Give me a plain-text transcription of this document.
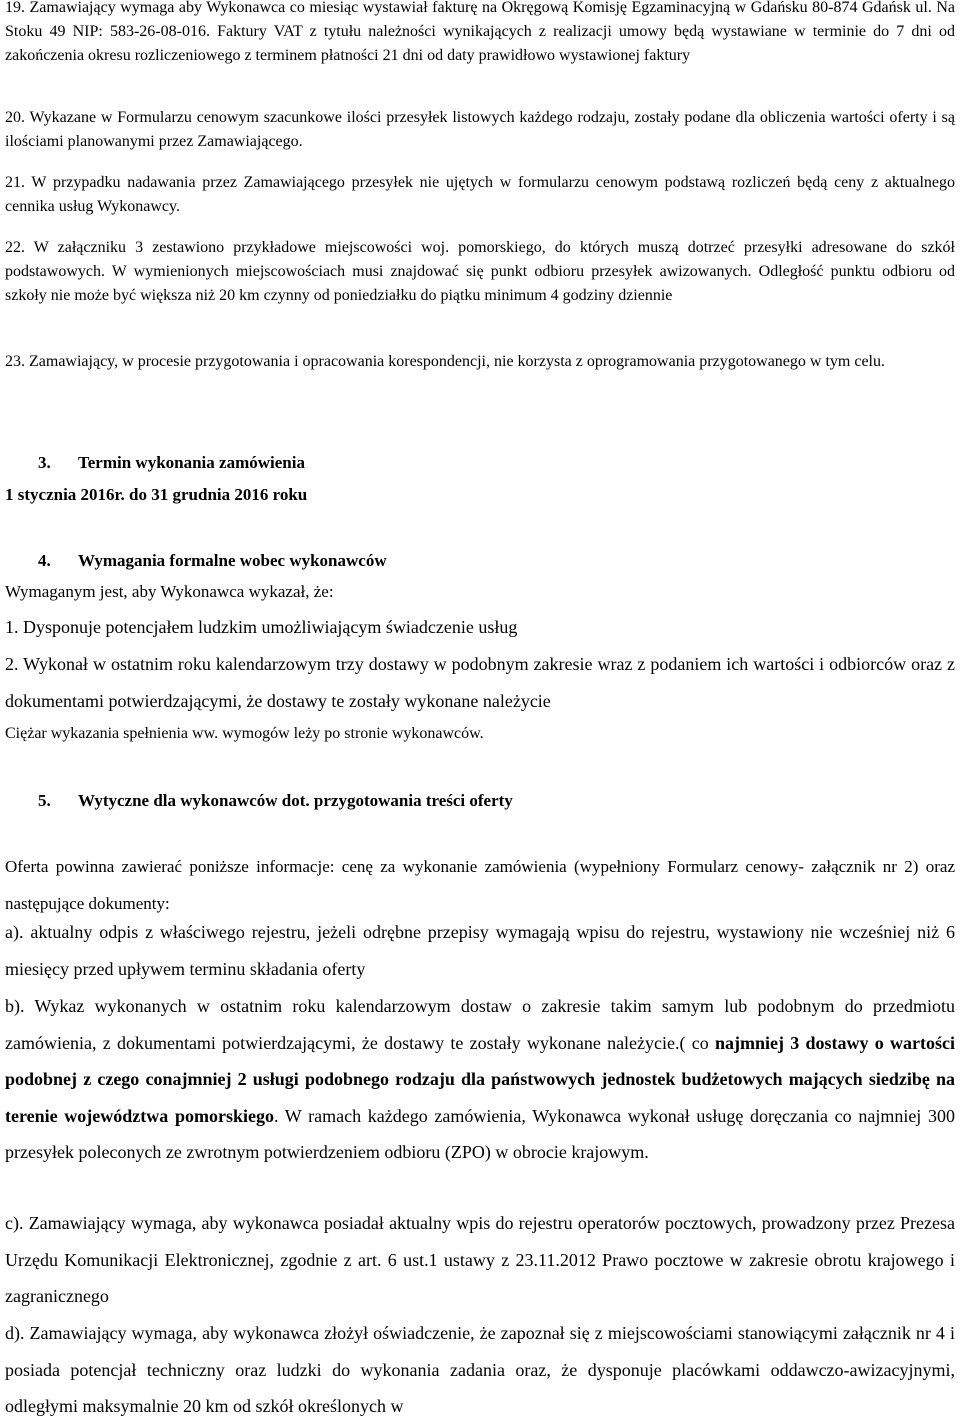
19. Zamawiający wymaga aby Wykonawca co miesiąc wystawiał fakturę na Okręgową Komisję Egzaminacyjną w Gdańsku 80-874 Gdańsk ul. Na Stoku 49 NIP: 583-26-08-016. Faktury VAT z tytułu należności wynikających z realizacji umowy będą wystawiane w terminie do 7 dni od zakończenia okresu rozliczeniowego z terminem płatności 21 dni od daty prawidłowo wystawionej faktury

20. Wykazane w Formularzu cenowym szacunkowe ilości przesyłek listowych każdego rodzaju, zostały podane dla obliczenia wartości oferty i są ilościami planowanymi przez Zamawiającego.

21. W przypadku nadawania przez Zamawiającego przesyłek nie ujętych w formularzu cenowym podstawą rozliczeń będą ceny z aktualnego cennika usług Wykonawcy.

22. W załączniku 3 zestawiono przykładowe miejscowości woj. pomorskiego, do których muszą dotrzeć przesyłki adresowane do szkół podstawowych. W wymienionych miejscowościach musi znajdować się punkt odbioru przesyłek awizowanych. Odległość punktu odbioru od szkoły nie może być większa niż 20 km czynny od poniedziałku do piątku minimum 4 godziny dziennie

23. Zamawiający, w procesie przygotowania i opracowania korespondencji, nie korzysta z oprogramowania przygotowanego w tym celu.

3. Termin wykonania zamówienia
1 stycznia 2016r. do 31 grudnia 2016 roku
4. Wymagania formalne wobec wykonawców

Wymaganym jest, aby Wykonawca wykazał, że:

1. Dysponuje potencjałem ludzkim umożliwiającym świadczenie usług

2. Wykonał w ostatnim roku kalendarzowym trzy dostawy w podobnym zakresie wraz z podaniem ich wartości i odbiorców oraz z dokumentami potwierdzającymi, że dostawy te zostały wykonane należycie

Ciężar wykazania spełnienia ww. wymogów leży po stronie wykonawców.

5. Wytyczne dla wykonawców dot. przygotowania treści oferty

Oferta powinna zawierać poniższe informacje: cenę za wykonanie zamówienia (wypełniony Formularz cenowy- załącznik nr 2) oraz następujące dokumenty:

a). aktualny odpis z właściwego rejestru, jeżeli odrębne przepisy wymagają wpisu do rejestru, wystawiony nie wcześniej niż 6 miesięcy przed upływem terminu składania oferty

b). Wykaz wykonanych w ostatnim roku kalendarzowym dostaw o zakresie takim samym lub podobnym do przedmiotu zamówienia, z dokumentami potwierdzającymi, że dostawy te zostały wykonane należycie.( co najmniej 3 dostawy o wartości podobnej z czego conajmniej 2 usługi podobnego rodzaju dla państwowych jednostek budżetowych mających siedzibę na terenie województwa pomorskiego. W ramach każdego zamówienia, Wykonawca wykonał usługę doręczania co najmniej 300 przesyłek poleconych ze zwrotnym potwierdzeniem odbioru (ZPO) w obrocie krajowym.

c). Zamawiający wymaga, aby wykonawca posiadał aktualny wpis do rejestru operatorów pocztowych, prowadzony przez Prezesa Urzędu Komunikacji Elektronicznej, zgodnie z art. 6 ust.1 ustawy z 23.11.2012 Prawo pocztowe w zakresie obrotu krajowego i zagranicznego

d). Zamawiający wymaga, aby wykonawca złożył oświadczenie, że zapoznał się z miejscowościami stanowiącymi załącznik nr 4 i posiada potencjał techniczny oraz ludzki do wykonania zadania oraz, że dysponuje placówkami oddawczo-awizacyjnymi, odległymi maksymalnie 20 km od szkół określonych w
